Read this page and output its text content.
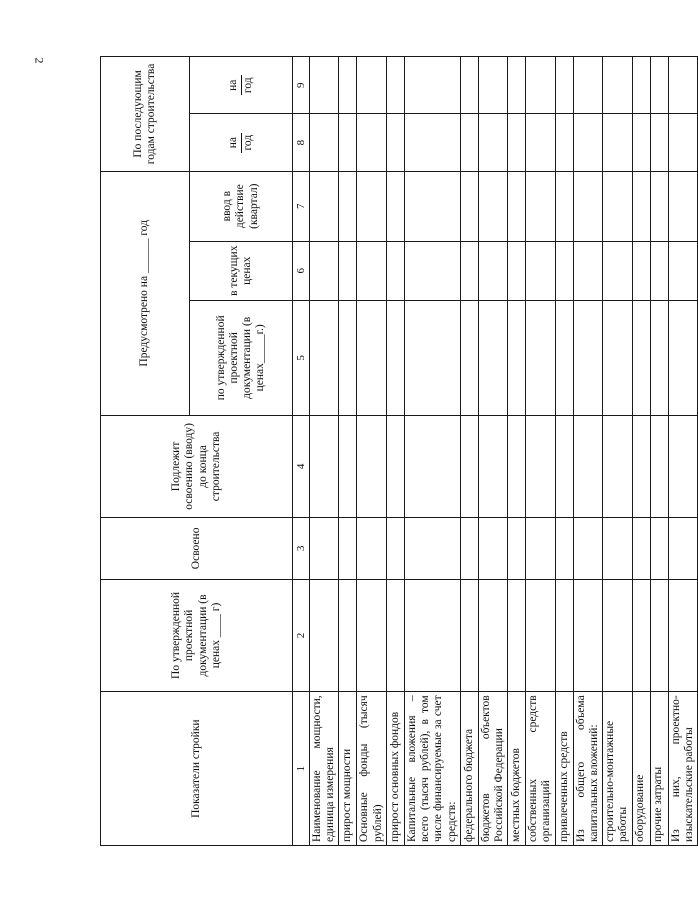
2
Показатели стройки	По утвержденной проектной документации (в ценах ____ г)	Освоено	Подлежит освоению (вводу) до конца строительства	Предусмотрено на ______ год			По последующим годам строительства	
				по утвержденной проектной документации (в ценах_____г.)	в текущих ценах	ввод в действие (квартал)	на год	на год

1	2	3	4	5	6	7	8	9
Наименование мощности, единица измерения								
прирост мощности								
Основные фонды (тысяч рублей)								
прирост основных фондов								
Капитальные вложения – всего (тысяч рублей), в том числе финансируемые за счет средств:								
федерального бюджета								
бюджетов объектов Российской Федерации								
местных бюджетов								
собственных средств организаций								
привлеченных средств								
Из общего объема капитальных вложений:								
строительно-монтажные работы								
оборудование								
прочие затраты								
Из них, проектно-изыскательские работы								
